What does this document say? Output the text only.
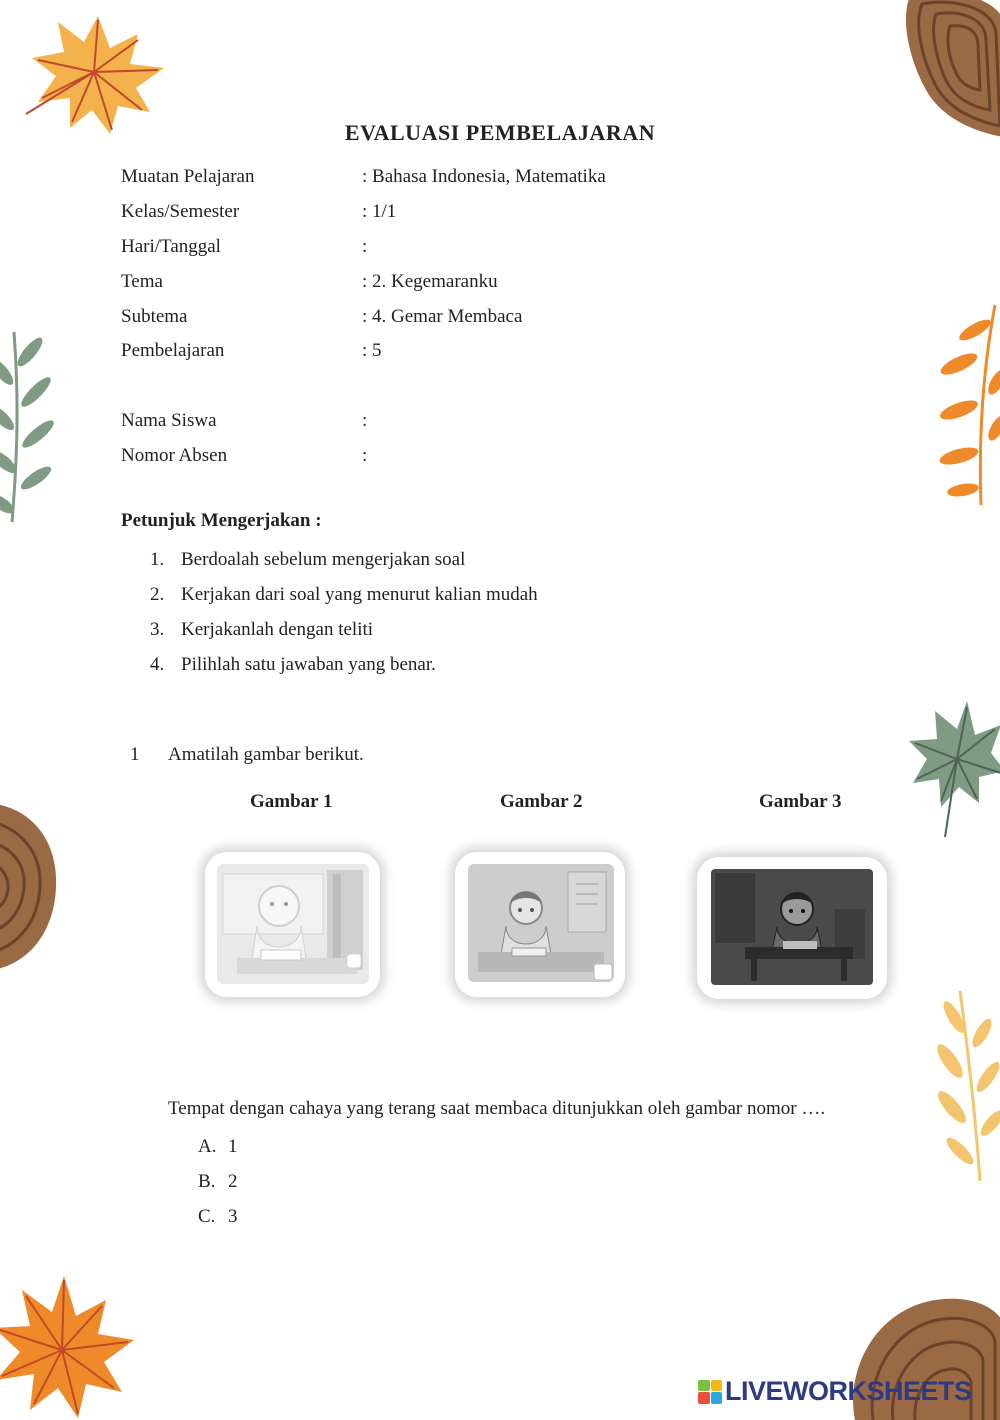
EVALUASI PEMBELAJARAN
Muatan Pelajaran	: Bahasa Indonesia, Matematika
Kelas/Semester	: 1/1
Hari/Tanggal	:
Tema	: 2. Kegemaranku
Subtema	: 4. Gemar Membaca
Pembelajaran	: 5
Nama Siswa	:
Nomor Absen	:
Petunjuk Mengerjakan :
1. Berdoalah sebelum mengerjakan soal
2. Kerjakan dari soal yang menurut kalian mudah
3. Kerjakanlah dengan teliti
4. Pilihlah satu jawaban yang benar.
1 Amatilah gambar berikut.
Gambar 1	Gambar 2	Gambar 3
Tempat dengan cahaya yang terang saat membaca ditunjukkan oleh gambar nomor ….
A. 1
B. 2
C. 3
LIVEWORKSHEETS
